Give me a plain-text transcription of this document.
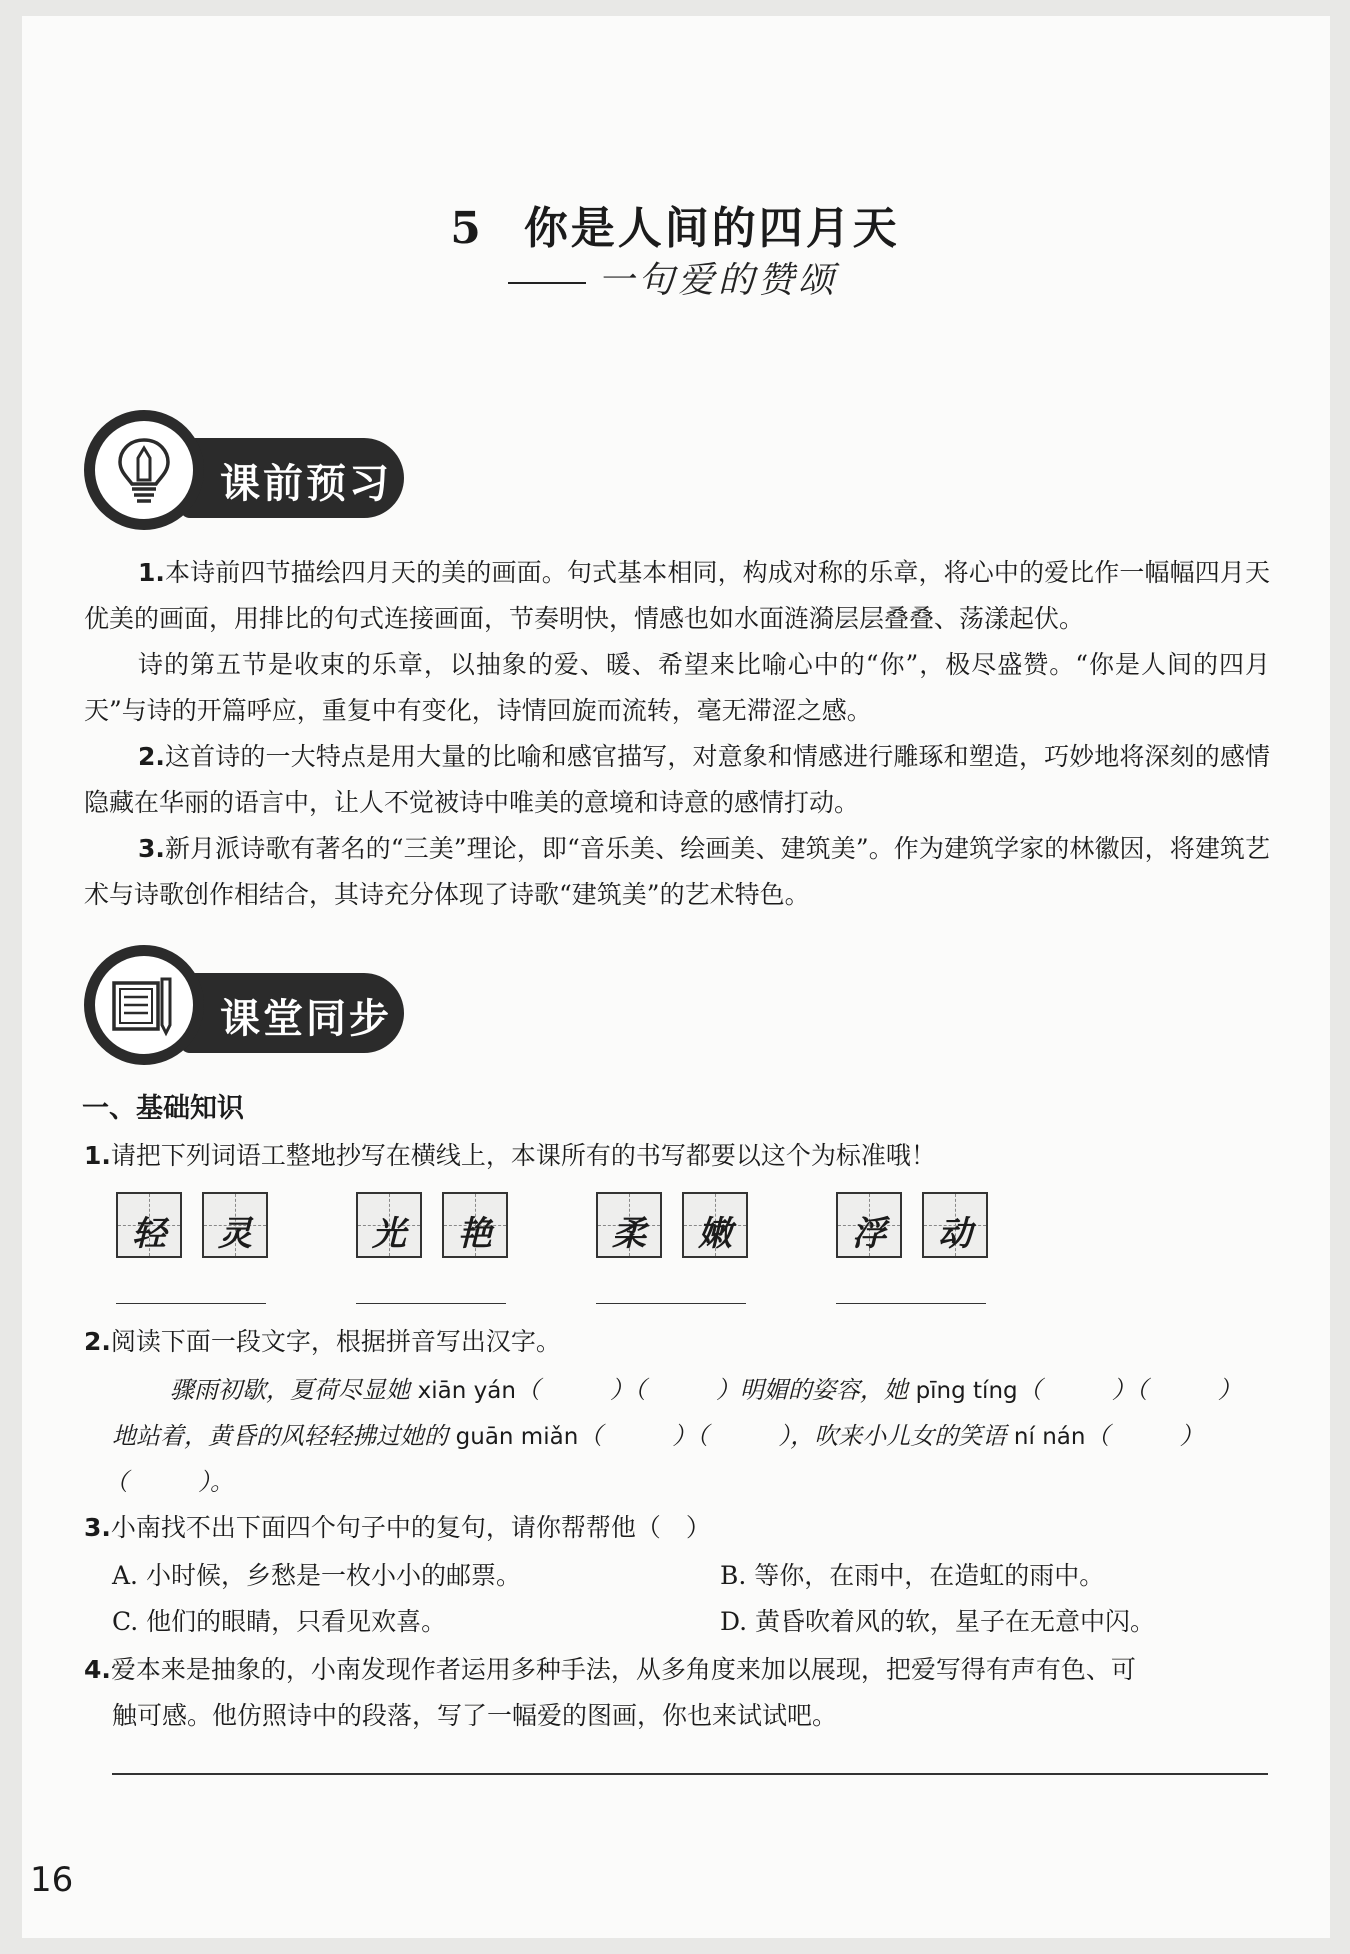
5 你是人间的四月天
一句爱的赞颂
课前预习

1.本诗前四节描绘四月天的美的画面。句式基本相同，构成对称的乐章，将心中的爱比作一幅幅四月天优美的画面，用排比的句式连接画面，节奏明快，情感也如水面涟漪层层叠叠、荡漾起伏。

诗的第五节是收束的乐章，以抽象的爱、暖、希望来比喻心中的“你”，极尽盛赞。“你是人间的四月天”与诗的开篇呼应，重复中有变化，诗情回旋而流转，毫无滞涩之感。

2.这首诗的一大特点是用大量的比喻和感官描写，对意象和情感进行雕琢和塑造，巧妙地将深刻的感情隐藏在华丽的语言中，让人不觉被诗中唯美的意境和诗意的感情打动。

3.新月派诗歌有著名的“三美”理论，即“音乐美、绘画美、建筑美”。作为建筑学家的林徽因，将建筑艺术与诗歌创作相结合，其诗充分体现了诗歌“建筑美”的艺术特色。

课堂同步
一、基础知识
1.请把下列词语工整地抄写在横线上，本课所有的书写都要以这个为标准哦！
轻	灵	光	艳	柔	嫩	浮	动
2.阅读下面一段文字，根据拼音写出汉字。
骤雨初歇，夏荷尽显她 xiān yán（	）（	）明媚的姿容，她 pīng tíng（	）（	）
地站着，黄昏的风轻轻拂过她的 guān miǎn（	）（	），吹来小儿女的笑语 ní nán（	）
（	）。
3.小南找不出下面四个句子中的复句，请你帮帮他（　）
A. 小时候，乡愁是一枚小小的邮票。	B. 等你，在雨中，在造虹的雨中。
C. 他们的眼睛，只看见欢喜。	D. 黄昏吹着风的软，星子在无意中闪。
4.爱本来是抽象的，小南发现作者运用多种手法，从多角度来加以展现，把爱写得有声有色、可
触可感。他仿照诗中的段落，写了一幅爱的图画，你也来试试吧。
16
